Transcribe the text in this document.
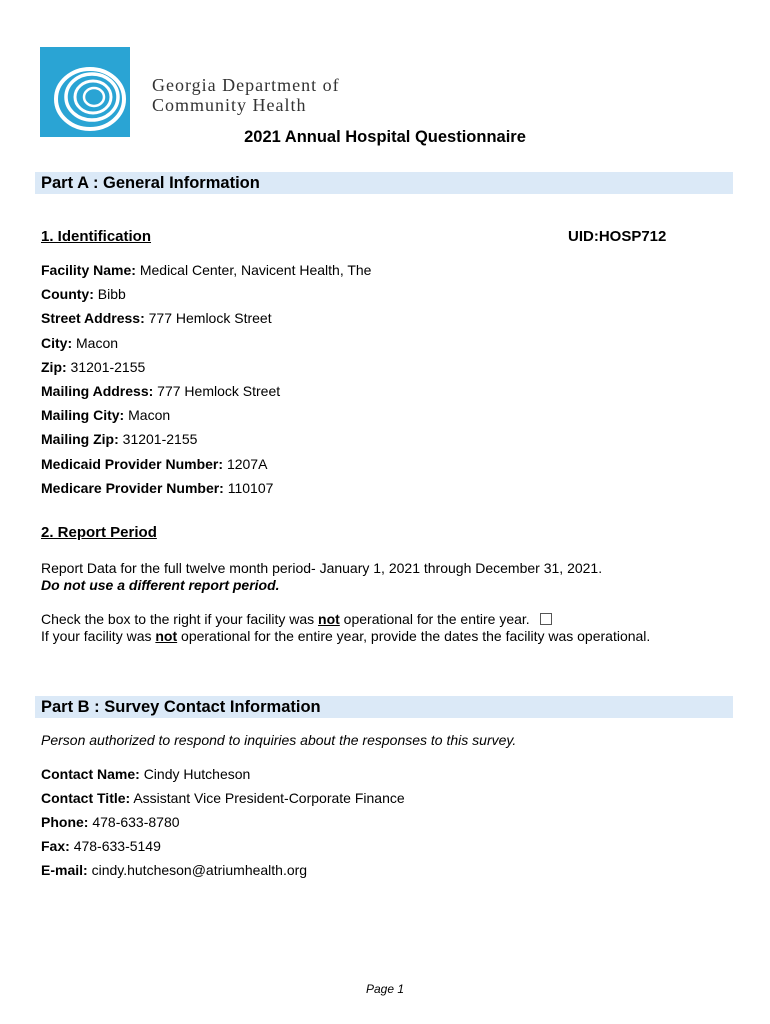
Georgia Department of
Community Health
2021 Annual Hospital Questionnaire
Part A : General Information
1. Identification	UID:HOSP712
Facility Name: Medical Center, Navicent Health, The
County: Bibb
Street Address: 777 Hemlock Street
City: Macon
Zip: 31201-2155
Mailing Address: 777 Hemlock Street
Mailing City: Macon
Mailing Zip: 31201-2155
Medicaid Provider Number: 1207A
Medicare Provider Number: 110107
2. Report Period
Report Data for the full twelve month period- January 1, 2021 through December 31, 2021.
Do not use a different report period.
Check the box to the right if your facility was not operational for the entire year.
If your facility was not operational for the entire year, provide the dates the facility was operational.
Part B : Survey Contact Information
Person authorized to respond to inquiries about the responses to this survey.
Contact Name: Cindy Hutcheson
Contact Title: Assistant Vice President-Corporate Finance
Phone: 478-633-8780
Fax: 478-633-5149
E-mail: cindy.hutcheson@atriumhealth.org
Page 1
